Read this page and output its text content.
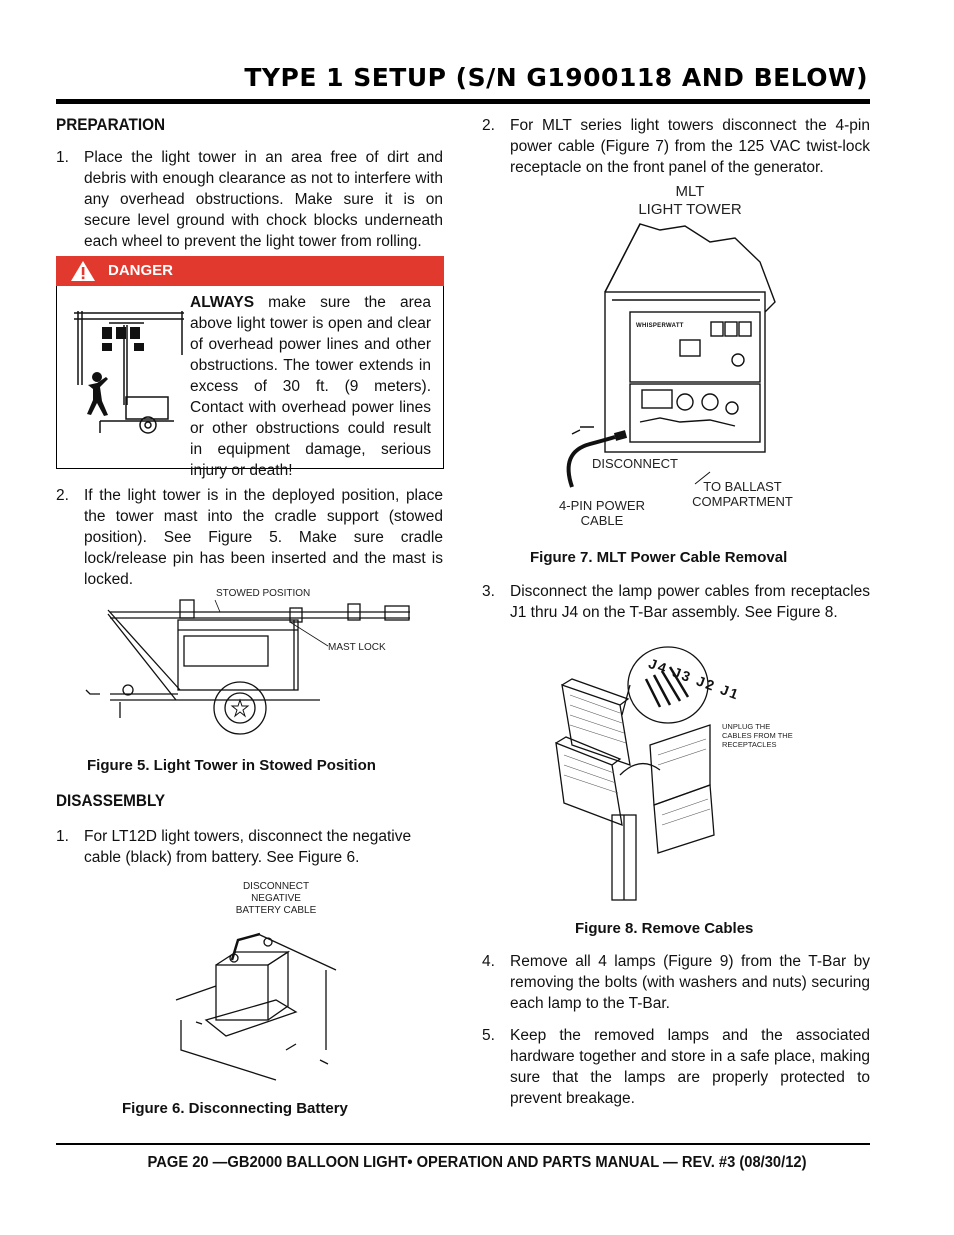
TYPE 1 SETUP (S/N G1900118 AND BELOW)
PREPARATION
1. Place the light tower in an area free of dirt and debris with enough clearance as not to interfere with any overhead obstructions. Make sure it is on secure level ground with chock blocks underneath each wheel to prevent the light tower from rolling.
DANGER
ALWAYS make sure the area above light tower is open and clear of overhead power lines and other obstructions. The tower extends in excess of 30 ft. (9 meters). Contact with overhead power lines or other obstructions could result in equipment damage, serious injury or death!
2. If the light tower is in the deployed position, place the tower mast into the cradle support (stowed position). See Figure 5. Make sure cradle lock/release pin has been inserted and the mast is locked.
STOWED POSITION
MAST LOCK
Figure 5. Light Tower in Stowed Position
DISASSEMBLY
1. For LT12D light towers, disconnect the negative cable (black) from battery. See Figure 6.
DISCONNECT
NEGATIVE
BATTERY CABLE
Figure 6. Disconnecting Battery
2. For MLT series light towers disconnect the 4-pin power cable (Figure 7) from the 125 VAC twist-lock receptacle on the front panel of the generator.
MLT
LIGHT TOWER
WHISPERWATT
DISCONNECT
TO BALLAST
COMPARTMENT
4-PIN POWER
CABLE
Figure 7. MLT Power Cable Removal
3. Disconnect the lamp power cables from receptacles J1 thru J4 on the T-Bar assembly. See Figure 8.
J4 J3 J2 J1
UNPLUG THE
CABLES FROM THE
RECEPTACLES
Figure 8. Remove Cables
4. Remove all 4 lamps (Figure 9) from the T-Bar by removing the bolts (with washers and nuts) securing each lamp to the T-Bar.
5. Keep the removed lamps and the associated hardware together and store in a safe place, making sure that the lamps are properly protected to prevent breakage.
PAGE 20 —GB2000 BALLOON LIGHT• OPERATION AND PARTS MANUAL — REV. #3 (08/30/12)
